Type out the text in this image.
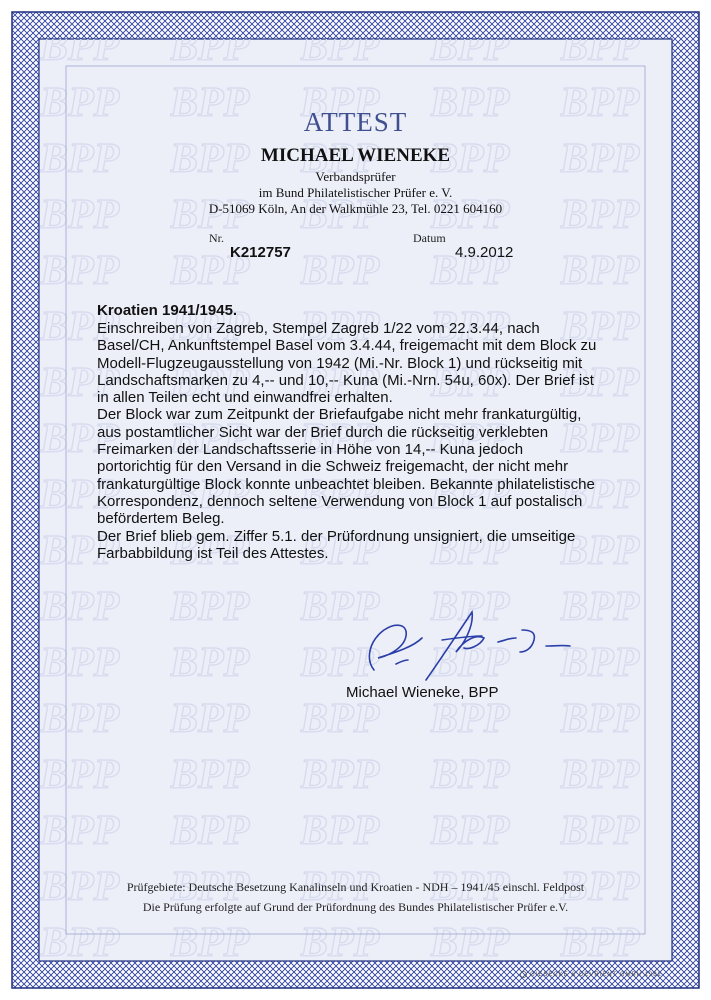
ATTEST
MICHAEL WIENEKE
Verbandsprüfer
im Bund Philatelistischer Prüfer e. V.
D-51069 Köln, An der Walkmühle 23, Tel. 0221 604160
Nr.
K212757
Datum
4.9.2012
Kroatien 1941/1945.

Einschreiben von Zagreb, Stempel Zagreb 1/22 vom 22.3.44, nach Basel/CH, Ankunftstempel Basel vom 3.4.44, freigemacht mit dem Block zu Modell-Flugzeugausstellung von 1942 (Mi.-Nr. Block 1) und rückseitig mit Landschaftsmarken zu 4,-- und 10,-- Kuna (Mi.-Nrn. 54u, 60x). Der Brief ist in allen Teilen echt und einwandfrei erhalten.

Der Block war zum Zeitpunkt der Briefaufgabe nicht mehr frankaturgültig, aus postamtlicher Sicht war der Brief durch die rückseitig verklebten Freimarken der Landschaftsserie in Höhe von 14,-- Kuna jedoch portorichtig für den Versand in die Schweiz freigemacht, der nicht mehr frankaturgültige Block konnte unbeachtet bleiben. Bekannte philatelistische Korrespondenz, dennoch seltene Verwendung von Block 1 auf postalisch befördertem Beleg.

Der Brief blieb gem. Ziffer 5.1. der Prüfordnung unsigniert, die umseitige Farbabbildung ist Teil des Attestes.

Michael Wieneke, BPP
Prüfgebiete: Deutsche Besetzung Kanalinseln und Kroatien - NDH – 1941/45 einschl. Feldpost
Die Prüfung erfolgte auf Grund der Prüfordnung des Bundes Philatelistischer Prüfer e.V.
GIESECKE & DEVRIENT GMBH 1982
